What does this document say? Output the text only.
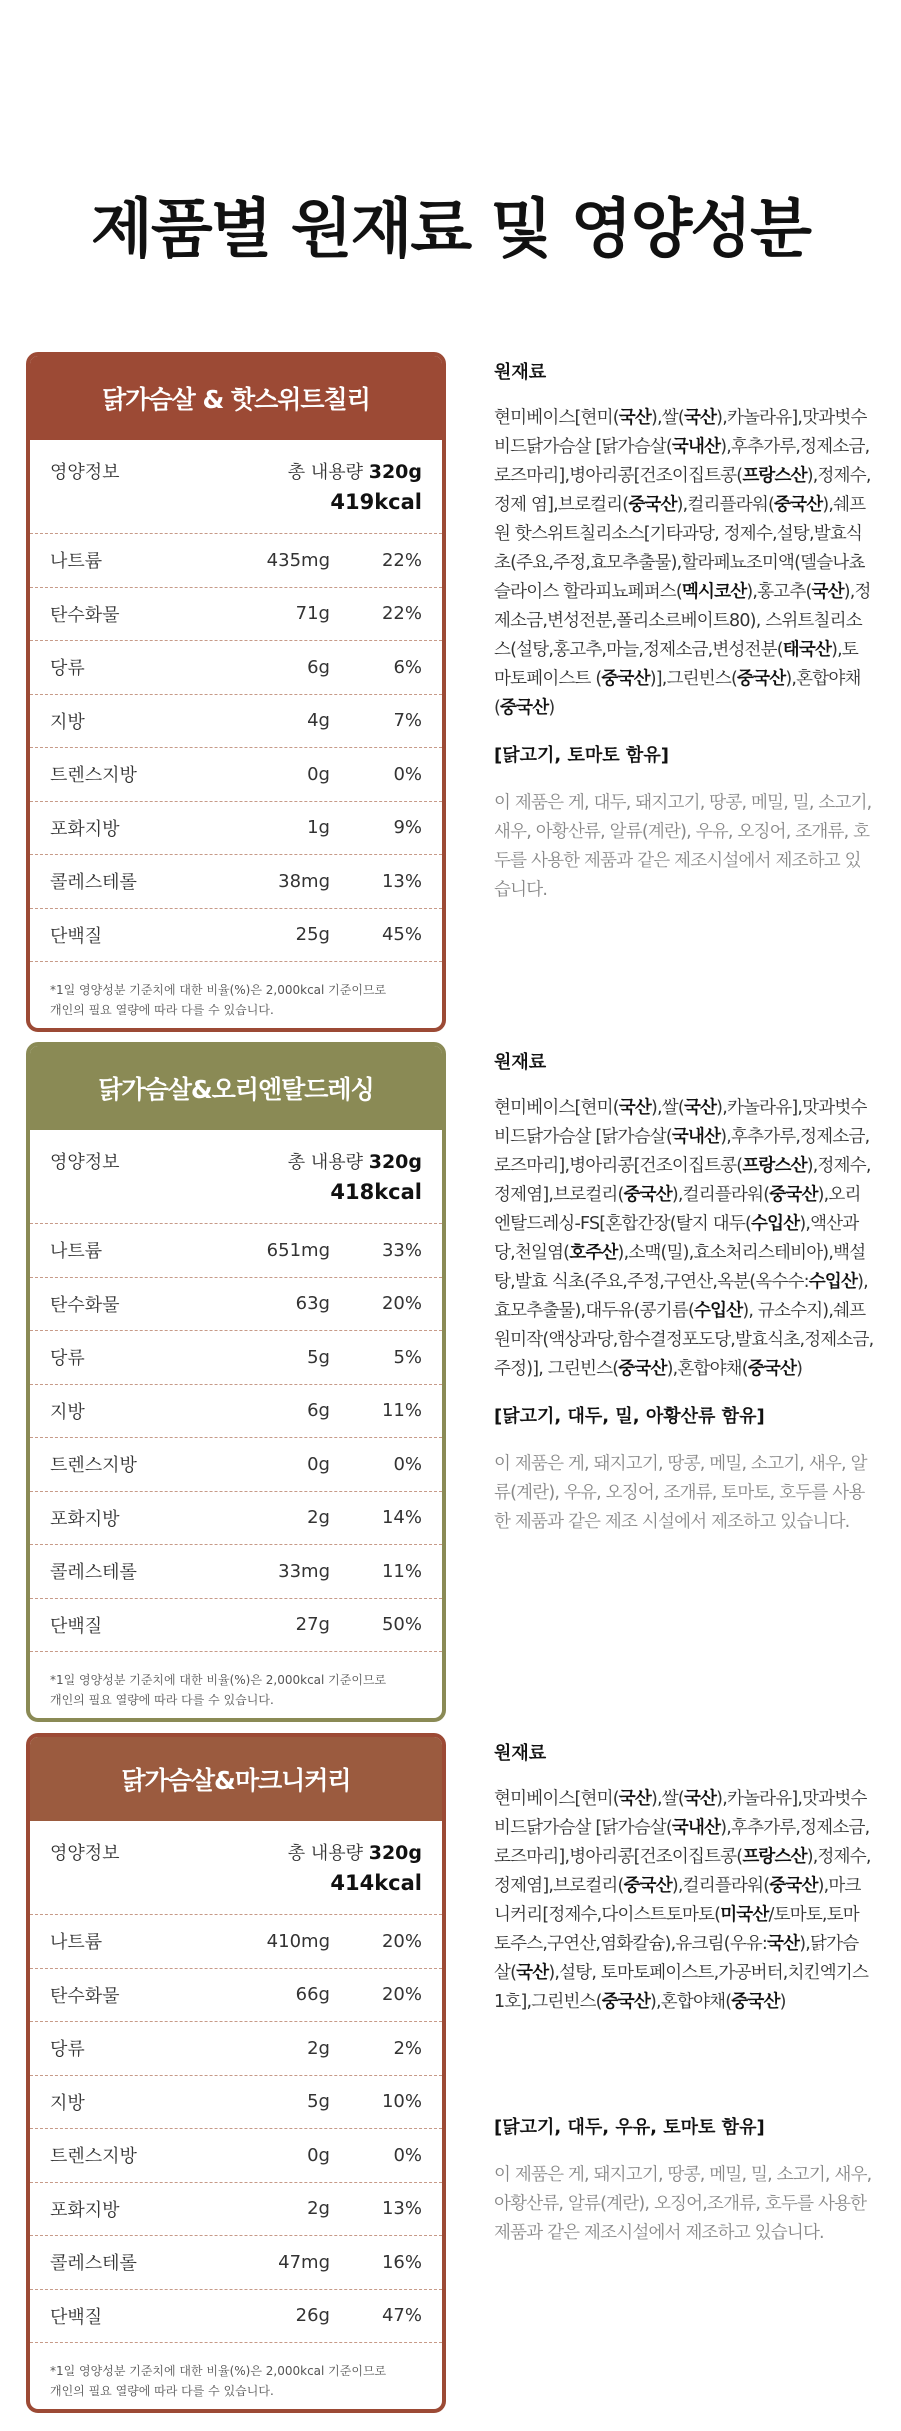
제품별 원재료 및 영양성분
닭가슴살 & 핫스위트칠리
영양정보	총 내용량 320g
419kcal
나트륨	435mg	22%
탄수화물	71g	22%
당류	6g	6%
지방	4g	7%
트렌스지방	0g	0%
포화지방	1g	9%
콜레스테롤	38mg	13%
단백질	25g	45%
*1일 영양성분 기준치에 대한 비율(%)은 2,000kcal 기준이므로
개인의 필요 열량에 따라 다를 수 있습니다.
원재료
현미베이스[현미(국산),쌀(국산),카놀라유],맛과벗수비드닭가슴살 [닭가슴살(국내산),후추가루,정제소금,로즈마리],병아리콩[건조이집트콩(프랑스산),정제수,정제 염],브로컬리(중국산),컬리플라워(중국산),쉐프원 핫스위트칠리소스[기타과당, 정제수,설탕,발효식초(주요,주정,효모추출물),할라페뇨조미액(델슬나쵸슬라이스 할라피뇨페퍼스(멕시코산),홍고추(국산),정제소금,변성전분,폴리소르베이트80), 스위트칠리소스(설탕,홍고추,마늘,정제소금,변성전분(태국산),토마토페이스트 (중국산)],그린빈스(중국산),혼합야채(중국산)
[닭고기, 토마토 함유]
이 제품은 게, 대두, 돼지고기, 땅콩, 메밀, 밀, 소고기, 새우, 아황산류, 알류(계란), 우유, 오징어, 조개류, 호두를 사용한 제품과 같은 제조시설에서 제조하고 있습니다.
닭가슴살&오리엔탈드레싱
영양정보	총 내용량 320g
418kcal
나트륨	651mg	33%
탄수화물	63g	20%
당류	5g	5%
지방	6g	11%
트렌스지방	0g	0%
포화지방	2g	14%
콜레스테롤	33mg	11%
단백질	27g	50%
*1일 영양성분 기준치에 대한 비율(%)은 2,000kcal 기준이므로
개인의 필요 열량에 따라 다를 수 있습니다.
원재료
현미베이스[현미(국산),쌀(국산),카놀라유],맛과벗수비드닭가슴살 [닭가슴살(국내산),후추가루,정제소금,로즈마리],병아리콩[건조이집트콩(프랑스산),정제수,정제염],브로컬리(중국산),컬리플라워(중국산),오리엔탈드레싱-FS[혼합간장(탈지 대두(수입산),액산과당,천일염(호주산),소맥(밀),효소처리스테비아),백설탕,발효 식초(주요,주정,구연산,옥분(옥수수:수입산),효모추출물),대두유(콩기름(수입산), 규소수지),쉐프원미작(액상과당,함수결정포도당,발효식초,정제소금,주정)], 그린빈스(중국산),혼합야채(중국산)
[닭고기, 대두, 밀, 아황산류 함유]
이 제품은 게, 돼지고기, 땅콩, 메밀, 소고기, 새우, 알류(계란), 우유, 오징어, 조개류, 토마토, 호두를 사용한 제품과 같은 제조 시설에서 제조하고 있습니다.
닭가슴살&마크니커리
영양정보	총 내용량 320g
414kcal
나트륨	410mg	20%
탄수화물	66g	20%
당류	2g	2%
지방	5g	10%
트렌스지방	0g	0%
포화지방	2g	13%
콜레스테롤	47mg	16%
단백질	26g	47%
*1일 영양성분 기준치에 대한 비율(%)은 2,000kcal 기준이므로
개인의 필요 열량에 따라 다를 수 있습니다.
원재료
현미베이스[현미(국산),쌀(국산),카놀라유],맛과벗수비드닭가슴살 [닭가슴살(국내산),후추가루,정제소금,로즈마리],병아리콩[건조이집트콩(프랑스산),정제수,정제염],브로컬리(중국산),컬리플라워(중국산),마크니커리[정제수,다이스트토마토(미국산/토마토,토마토주스,구연산,염화칼슘),유크림(우유:국산),닭가슴살(국산),설탕, 토마토페이스트,가공버터,치킨엑기스1호],그린빈스(중국산),혼합야채(중국산)
[닭고기, 대두, 우유, 토마토 함유]
이 제품은 게, 돼지고기, 땅콩, 메밀, 밀, 소고기, 새우, 아황산류, 알류(계란), 오징어,조개류, 호두를 사용한 제품과 같은 제조시설에서 제조하고 있습니다.
